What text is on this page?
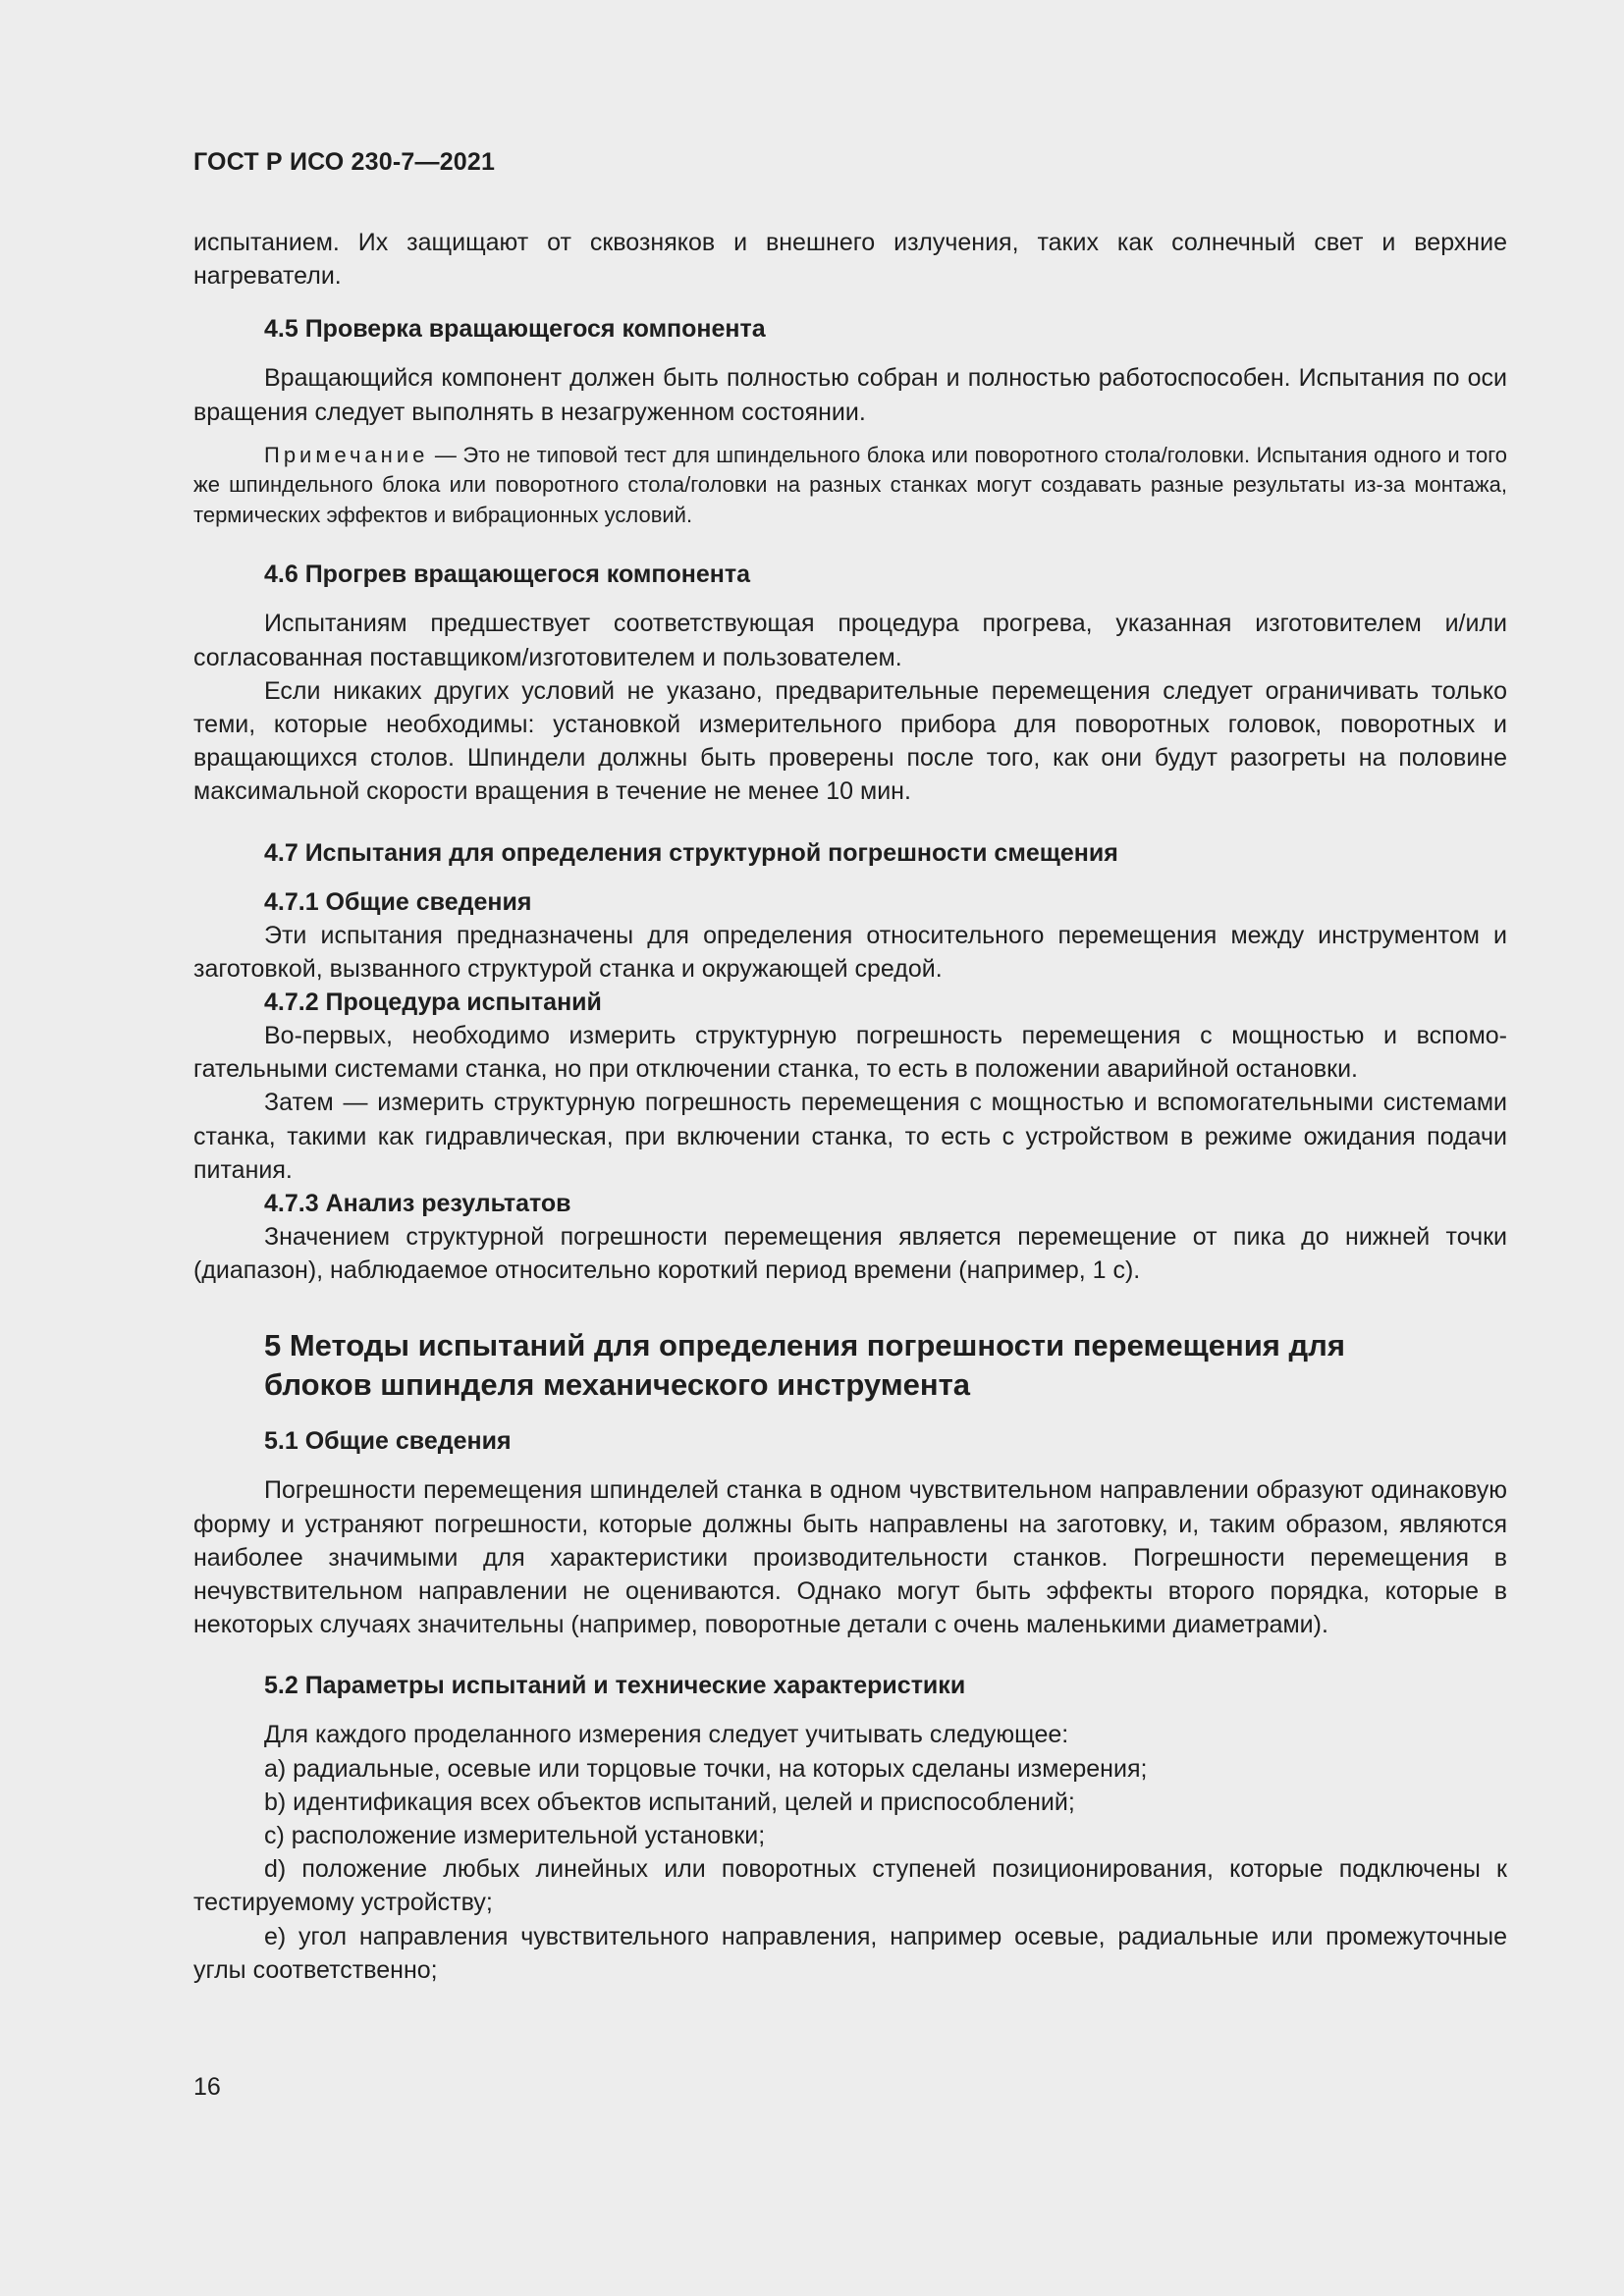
ГОСТ Р ИСО 230-7—2021

испытанием. Их защищают от сквозняков и внешнего излучения, таких как солнечный свет и верхние нагреватели.

4.5 Проверка вращающегося компонента

Вращающийся компонент должен быть полностью собран и полностью работоспособен. Испытания по оси вращения следует выполнять в незагруженном состоянии.

Примечание — Это не типовой тест для шпиндельного блока или поворотного стола/головки. Испытания одного и того же шпиндельного блока или поворотного стола/головки на разных станках могут создавать разные результаты из-за монтажа, термических эффектов и вибрационных условий.

4.6 Прогрев вращающегося компонента

Испытаниям предшествует соответствующая процедура прогрева, указанная изготовителем и/или согласованная поставщиком/изготовителем и пользователем.

Если никаких других условий не указано, предварительные перемещения следует ограничивать только теми, которые необходимы: установкой измерительного прибора для поворотных головок, поворотных и вращающихся столов. Шпиндели должны быть проверены после того, как они будут разогреты на половине максимальной скорости вращения в течение не менее 10 мин.

4.7 Испытания для определения структурной погрешности смещения
4.7.1 Общие сведения

Эти испытания предназначены для определения относительного перемещения между инструментом и заготовкой, вызванного структурой станка и окружающей средой.

4.7.2 Процедура испытаний

Во-первых, необходимо измерить структурную погрешность перемещения с мощностью и вспомогательными системами станка, но при отключении станка, то есть в положении аварийной остановки.

Затем — измерить структурную погрешность перемещения с мощностью и вспомогательными системами станка, такими как гидравлическая, при включении станка, то есть с устройством в режиме ожидания подачи питания.

4.7.3 Анализ результатов

Значением структурной погрешности перемещения является перемещение от пика до нижней точки (диапазон), наблюдаемое относительно короткий период времени (например, 1 с).

5 Методы испытаний для определения погрешности перемещения для блоков шпинделя механического инструмента
5.1 Общие сведения

Погрешности перемещения шпинделей станка в одном чувствительном направлении образуют одинаковую форму и устраняют погрешности, которые должны быть направлены на заготовку, и, таким образом, являются наиболее значимыми для характеристики производительности станков. Погрешности перемещения в нечувствительном направлении не оцениваются. Однако могут быть эффекты второго порядка, которые в некоторых случаях значительны (например, поворотные детали с очень маленькими диаметрами).

5.2 Параметры испытаний и технические характеристики

Для каждого проделанного измерения следует учитывать следующее:

a) радиальные, осевые или торцовые точки, на которых сделаны измерения;

b) идентификация всех объектов испытаний, целей и приспособлений;

c) расположение измерительной установки;

d) положение любых линейных или поворотных ступеней позиционирования, которые подключены к тестируемому устройству;

e) угол направления чувствительного направления, например осевые, радиальные или промежуточные углы соответственно;

16
